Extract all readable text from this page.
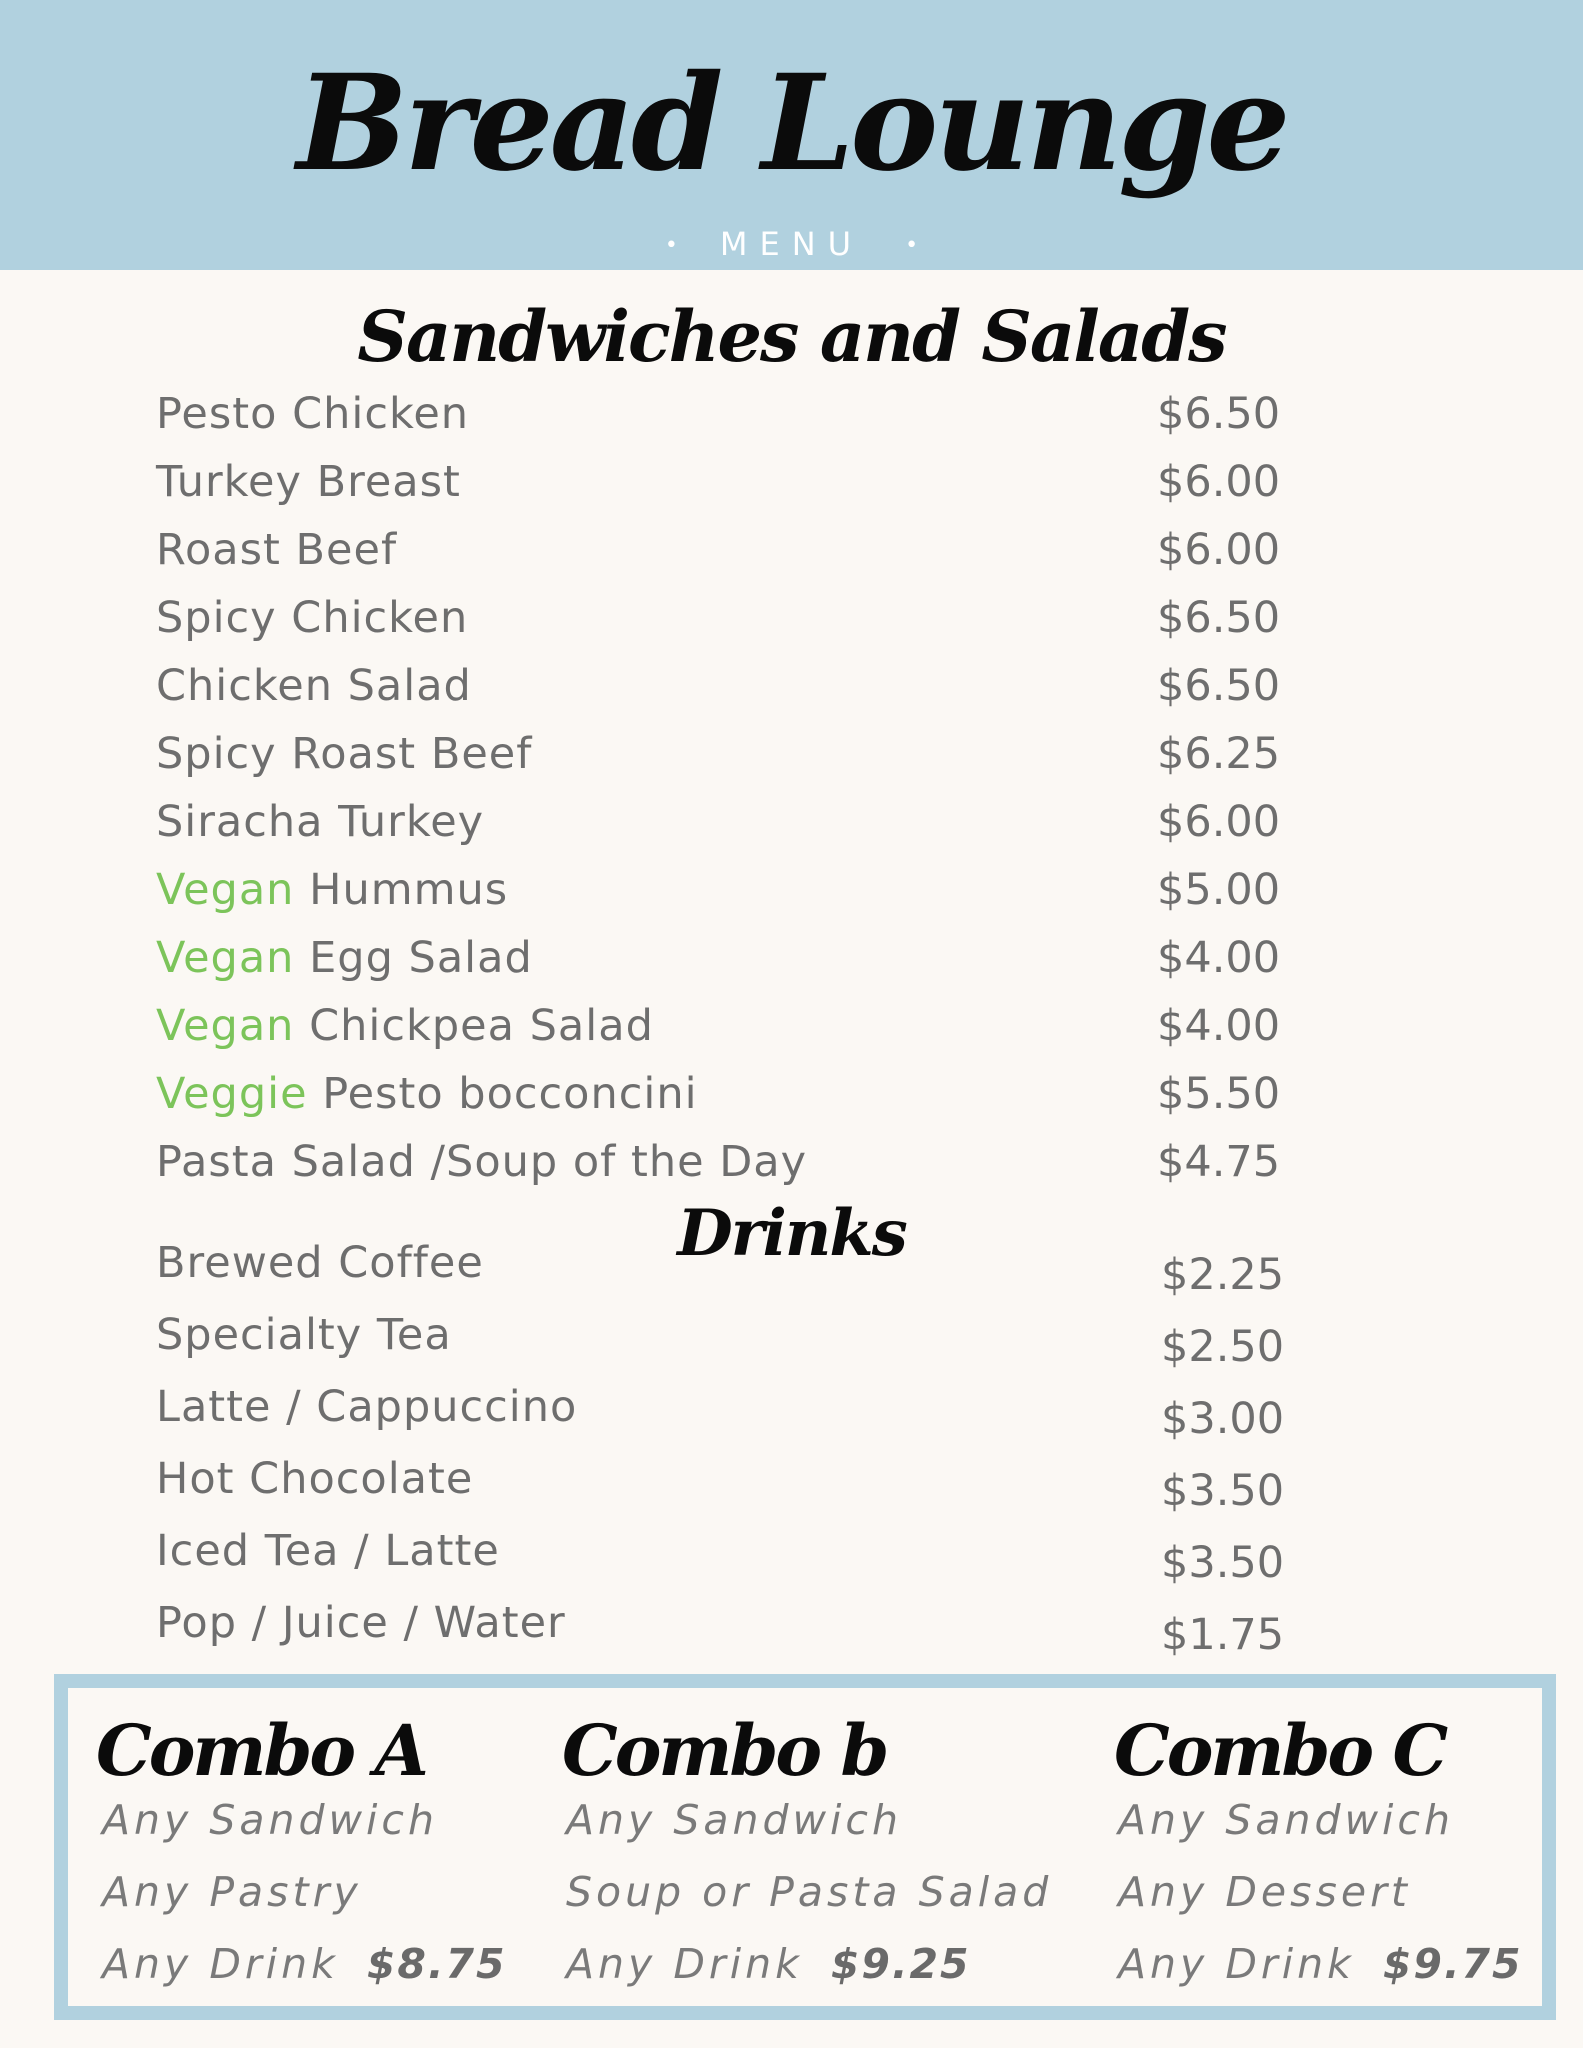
Bread Lounge
• MENU •
Sandwiches and Salads
Pesto Chicken	$6.50
Turkey Breast	$6.00
Roast Beef	$6.00
Spicy Chicken	$6.50
Chicken Salad	$6.50
Spicy Roast Beef	$6.25
Siracha Turkey	$6.00
Vegan Hummus	$5.00
Vegan Egg Salad	$4.00
Vegan Chickpea Salad	$4.00
Veggie Pesto bocconcini	$5.50
Pasta Salad /Soup of the Day	$4.75
Drinks
Brewed Coffee	$2.25
Specialty Tea	$2.50
Latte / Cappuccino	$3.00
Hot Chocolate	$3.50
Iced Tea / Latte	$3.50
Pop / Juice / Water	$1.75
Combo A
Any Sandwich
Any Pastry
Any Drink $8.75
Combo b
Any Sandwich
Soup or Pasta Salad
Any Drink $9.25
Combo C
Any Sandwich
Any Dessert
Any Drink $9.75
